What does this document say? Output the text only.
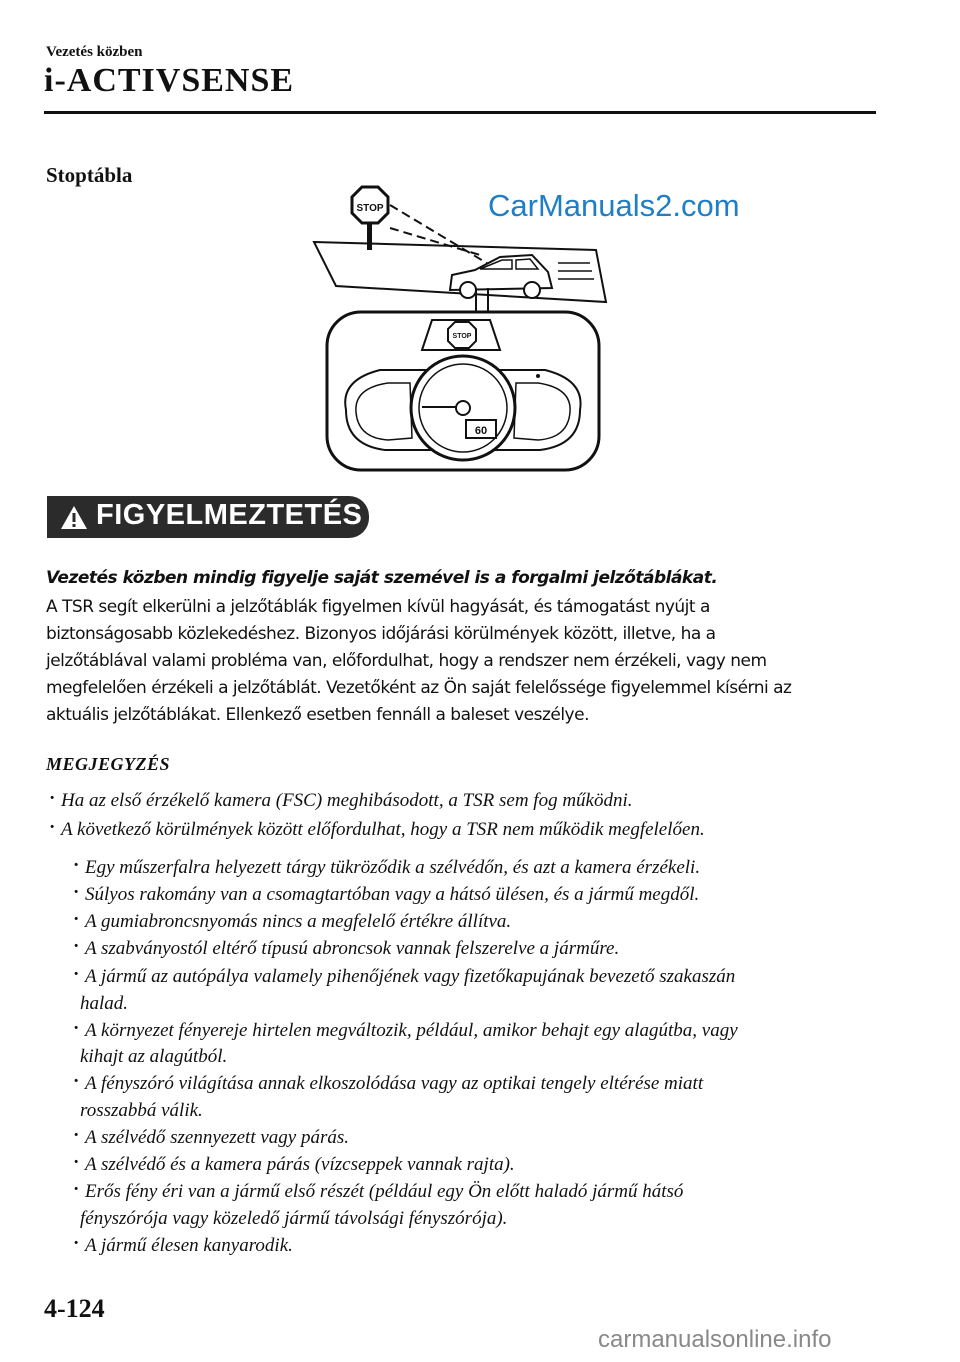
Vezetés közben
i-ACTIVSENSE
Stoptábla
STOP
STOP
60
CarManuals2.com
FIGYELMEZTETÉS
Vezetés közben mindig figyelje saját szemével is a forgalmi jelzőtáblákat.
A TSR segít elkerülni a jelzőtáblák figyelmen kívül hagyását, és támogatást nyújt a
biztonságosabb közlekedéshez. Bizonyos időjárási körülmények között, illetve, ha a
jelzőtáblával valami probléma van, előfordulhat, hogy a rendszer nem érzékeli, vagy nem
megfelelően érzékeli a jelzőtáblát. Vezetőként az Ön saját felelőssége figyelemmel kísérni az
aktuális jelzőtáblákat. Ellenkező esetben fennáll a baleset veszélye.
MEGJEGYZÉS
· Ha az első érzékelő kamera (FSC) meghibásodott, a TSR sem fog működni.
· A következő körülmények között előfordulhat, hogy a TSR nem működik megfelelően.
· Egy műszerfalra helyezett tárgy tükröződik a szélvédőn, és azt a kamera érzékeli.
· Súlyos rakomány van a csomagtartóban vagy a hátsó ülésen, és a jármű megdől.
· A gumiabroncsnyomás nincs a megfelelő értékre állítva.
· A szabványostól eltérő típusú abroncsok vannak felszerelve a járműre.
· A jármű az autópálya valamely pihenőjének vagy fizetőkapujának bevezető szakaszán
halad.
· A környezet fényereje hirtelen megváltozik, például, amikor behajt egy alagútba, vagy
kihajt az alagútból.
· A fényszóró világítása annak elkoszolódása vagy az optikai tengely eltérése miatt
rosszabbá válik.
· A szélvédő szennyezett vagy párás.
· A szélvédő és a kamera párás (vízcseppek vannak rajta).
· Erős fény éri van a jármű első részét (például egy Ön előtt haladó jármű hátsó
fényszórója vagy közeledő jármű távolsági fényszórója).
· A jármű élesen kanyarodik.
4-124
carmanualsonline.info
